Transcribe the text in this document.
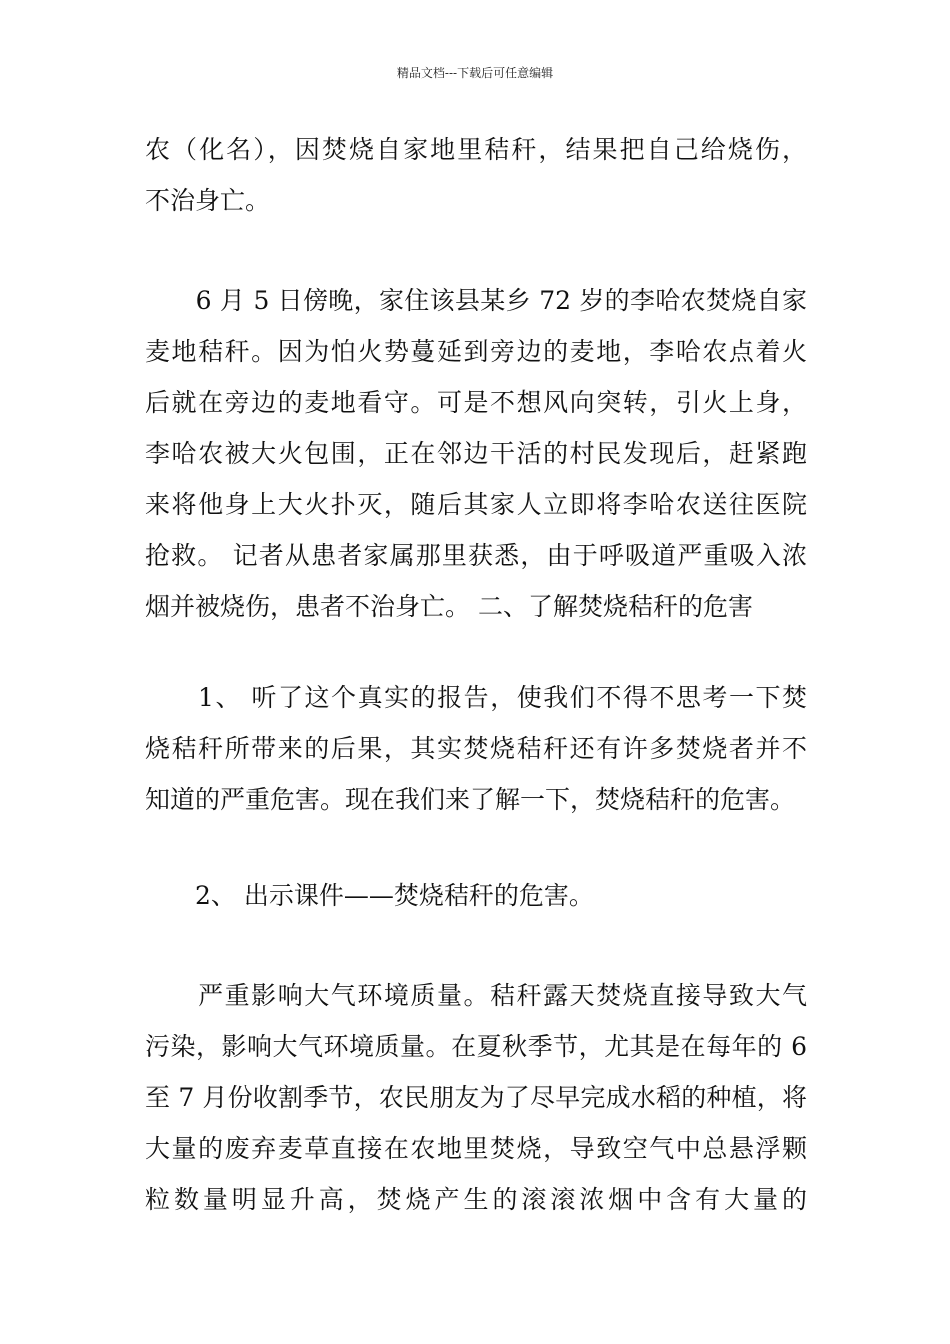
精品文档---下载后可任意编辑
农（化名），因焚烧自家地里秸秆，结果把自己给烧伤，
不治身亡。
　　6 月 5 日傍晚，家住该县某乡 72 岁的李哈农焚烧自家
麦地秸秆。因为怕火势蔓延到旁边的麦地，李哈农点着火
后就在旁边的麦地看守。可是不想风向突转，引火上身，
李哈农被大火包围，正在邻边干活的村民发现后，赶紧跑
来将他身上大火扑灭，随后其家人立即将李哈农送往医院
抢救。 记者从患者家属那里获悉，由于呼吸道严重吸入浓
烟并被烧伤，患者不治身亡。 二、了解焚烧秸秆的危害
　　1、 听了这个真实的报告，使我们不得不思考一下焚
烧秸秆所带来的后果，其实焚烧秸秆还有许多焚烧者并不
知道的严重危害。现在我们来了解一下，焚烧秸秆的危害。
　　2、 出示课件——焚烧秸秆的危害。
　　严重影响大气环境质量。秸秆露天焚烧直接导致大气
污染，影响大气环境质量。在夏秋季节，尤其是在每年的 6
至 7 月份收割季节，农民朋友为了尽早完成水稻的种植，将
大量的废弃麦草直接在农地里焚烧，导致空气中总悬浮颗
粒数量明显升高，焚烧产生的滚滚浓烟中含有大量的
